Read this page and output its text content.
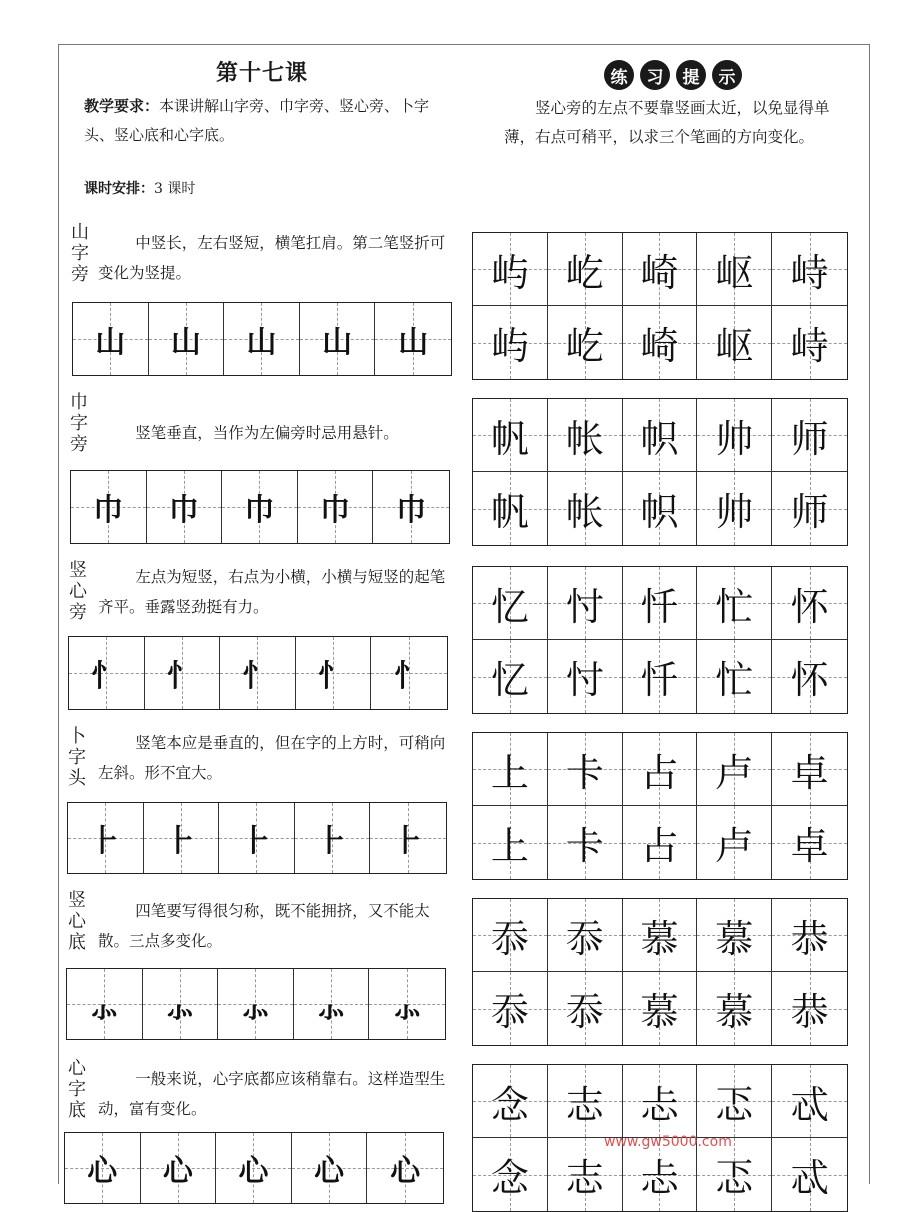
第十七课
教学要求：本课讲解山字旁、巾字旁、竖心旁、卜字头、竖心底和心字底。
课时安排：3 课时
练	习	提	示
竖心旁的左点不要靠竖画太近，以免显得单薄，右点可稍平，以求三个笔画的方向变化。
山字旁
中竖长，左右竖短，横笔扛肩。第二笔竖折可变化为竖提。
山 山 山 山 山
屿 屹 崎 岖 峙
屿 屹 崎 岖 峙
巾字旁
竖笔垂直，当作为左偏旁时忌用悬针。
巾 巾 巾 巾 巾
帆 帐 帜 帅 师
帆 帐 帜 帅 师
竖心旁
左点为短竖，右点为小横，小横与短竖的起笔齐平。垂露竖劲挺有力。
忄 忄 忄 忄 忄
忆 忖 忏 忙 怀
忆 忖 忏 忙 怀
卜字头
竖笔本应是垂直的，但在字的上方时，可稍向左斜。形不宜大。
⺊ ⺊ ⺊ ⺊ ⺊
上 卡 占 卢 卓
上 卡 占 卢 卓
竖心底
四笔要写得很匀称，既不能拥挤，又不能太散。三点多变化。
⺗ ⺗ ⺗ ⺗ ⺗
忝 忝 慕 慕 恭
忝 忝 慕 慕 恭
心字底
一般来说，心字底都应该稍靠右。这样造型生动，富有变化。
心 心 心 心 心
念 志 忐 忑 忒
念 志 忐 忑 忒
www.gw5000.com
